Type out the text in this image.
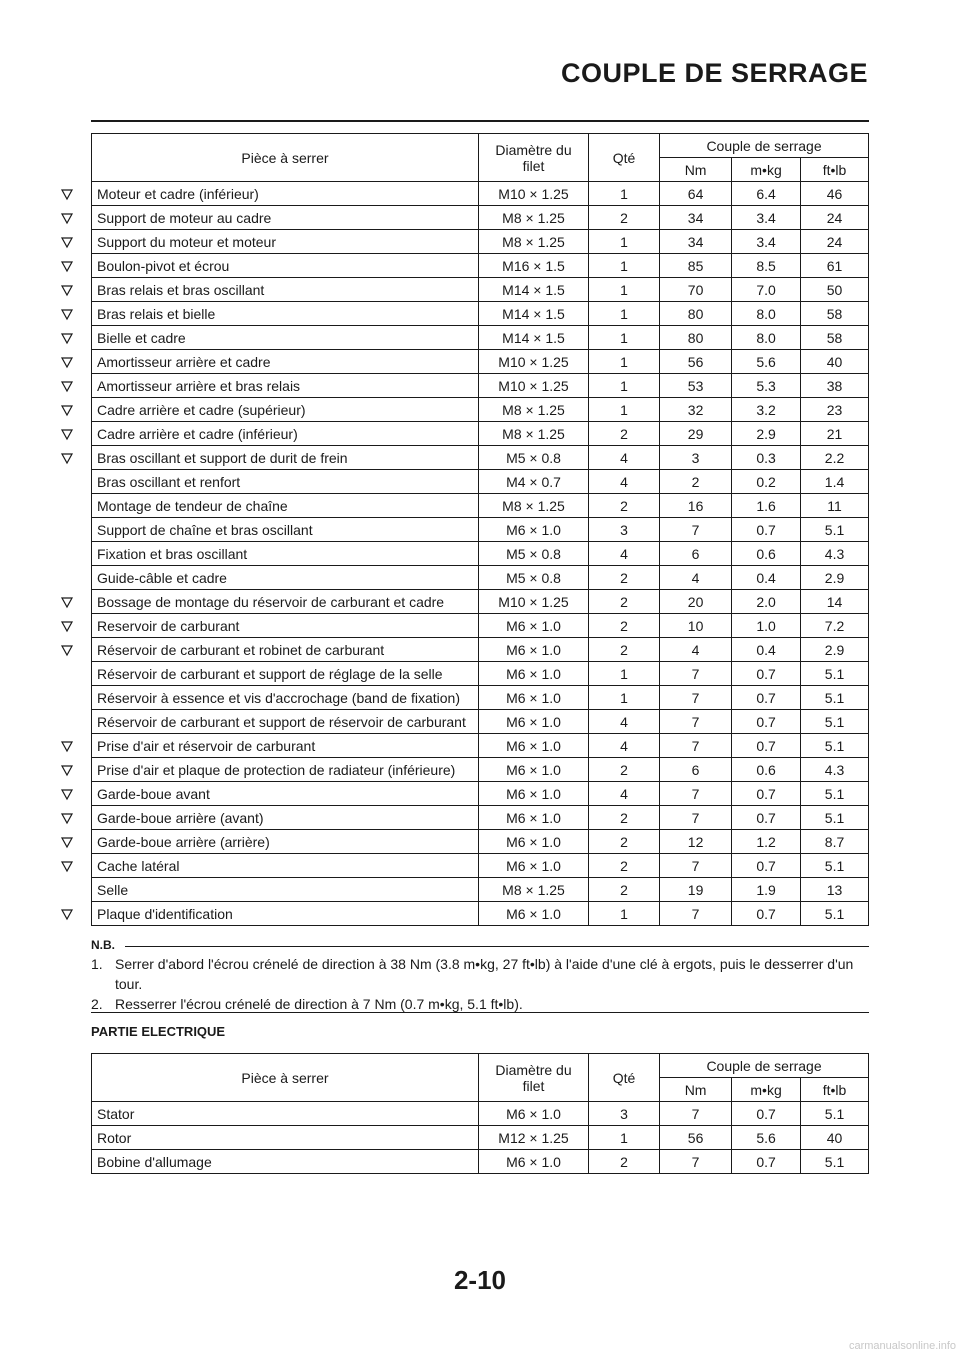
COUPLE DE SERRAGE
Pièce à serrer	Diamètre du filet	Qté	Couple de serrage		
			Nm	m•kg	ft•lb
Moteur et cadre (inférieur)	M10 × 1.25	1	64	6.4	46
Support de moteur au cadre	M8 × 1.25	2	34	3.4	24
Support du moteur et moteur	M8 × 1.25	1	34	3.4	24
Boulon-pivot et écrou	M16 × 1.5	1	85	8.5	61
Bras relais et bras oscillant	M14 × 1.5	1	70	7.0	50
Bras relais et bielle	M14 × 1.5	1	80	8.0	58
Bielle et cadre	M14 × 1.5	1	80	8.0	58
Amortisseur arrière et cadre	M10 × 1.25	1	56	5.6	40
Amortisseur arrière et bras relais	M10 × 1.25	1	53	5.3	38
Cadre arrière et cadre (supérieur)	M8 × 1.25	1	32	3.2	23
Cadre arrière et cadre (inférieur)	M8 × 1.25	2	29	2.9	21
Bras oscillant et support de durit de frein	M5 × 0.8	4	3	0.3	2.2
Bras oscillant et renfort	M4 × 0.7	4	2	0.2	1.4
Montage de tendeur de chaîne	M8 × 1.25	2	16	1.6	11
Support de chaîne et bras oscillant	M6 × 1.0	3	7	0.7	5.1
Fixation et bras oscillant	M5 × 0.8	4	6	0.6	4.3
Guide-câble et cadre	M5 × 0.8	2	4	0.4	2.9
Bossage de montage du réservoir de carburant et cadre	M10 × 1.25	2	20	2.0	14
Reservoir de carburant	M6 × 1.0	2	10	1.0	7.2
Réservoir de carburant et robinet de carburant	M6 × 1.0	2	4	0.4	2.9
Réservoir de carburant et support de réglage de la selle	M6 × 1.0	1	7	0.7	5.1
Réservoir à essence et vis d'accrochage (band de fixation)	M6 × 1.0	1	7	0.7	5.1
Réservoir de carburant et support de réservoir de carburant	M6 × 1.0	4	7	0.7	5.1
Prise d'air et réservoir de carburant	M6 × 1.0	4	7	0.7	5.1
Prise d'air et plaque de protection de radiateur (inférieure)	M6 × 1.0	2	6	0.6	4.3
Garde-boue avant	M6 × 1.0	4	7	0.7	5.1
Garde-boue arrière (avant)	M6 × 1.0	2	7	0.7	5.1
Garde-boue arrière (arrière)	M6 × 1.0	2	12	1.2	8.7
Cache latéral	M6 × 1.0	2	7	0.7	5.1
Selle	M8 × 1.25	2	19	1.9	13
Plaque d'identification	M6 × 1.0	1	7	0.7	5.1
N.B.
1. Serrer d'abord l'écrou crénelé de direction à 38 Nm (3.8 m•kg, 27 ft•lb) à l'aide d'une clé à ergots, puis le desserrer d'un tour.
2. Resserrer l'écrou crénelé de direction à 7 Nm (0.7 m•kg, 5.1 ft•lb).
PARTIE ELECTRIQUE
Pièce à serrer	Diamètre du filet	Qté	Couple de serrage		
			Nm	m•kg	ft•lb
Stator	M6 × 1.0	3	7	0.7	5.1
Rotor	M12 × 1.25	1	56	5.6	40
Bobine d'allumage	M6 × 1.0	2	7	0.7	5.1
2-10
carmanualsonline.info
